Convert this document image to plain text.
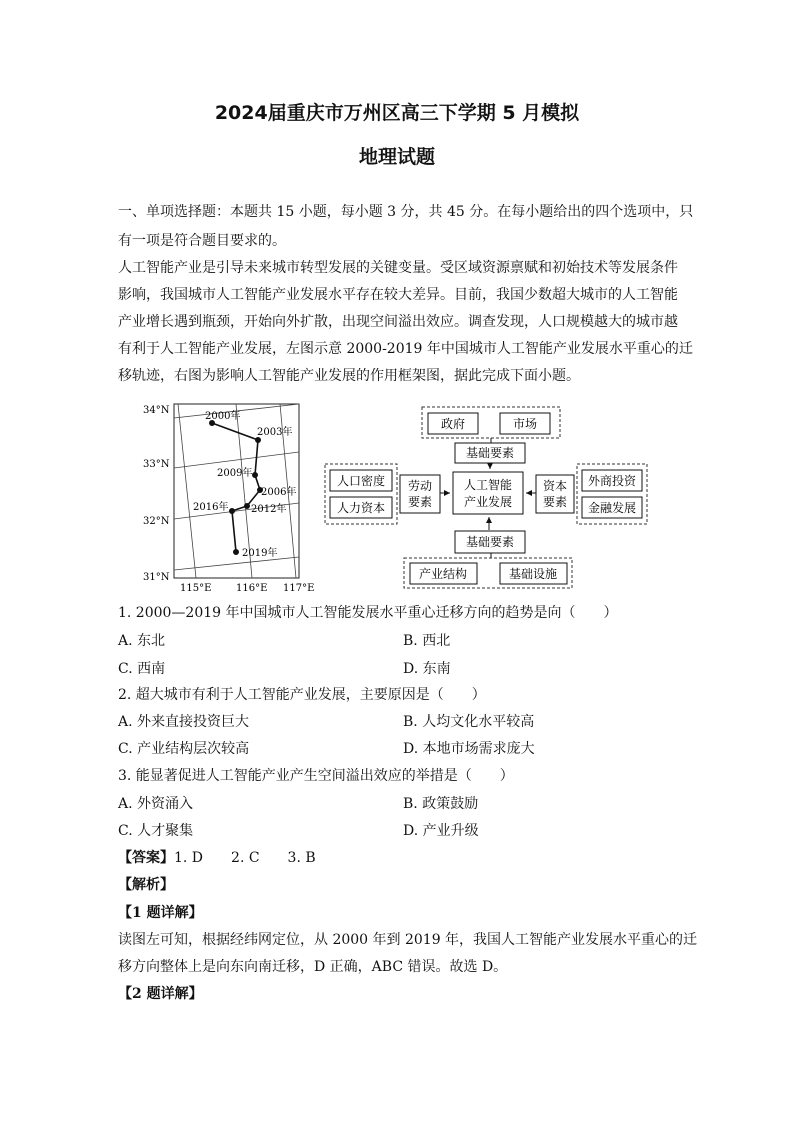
2024届重庆市万州区高三下学期 5 月模拟
地理试题
一、单项选择题：本题共 15 小题，每小题 3 分，共 45 分。在每小题给出的四个选项中，只
有一项是符合题目要求的。
人工智能产业是引导未来城市转型发展的关键变量。受区域资源禀赋和初始技术等发展条件
影响，我国城市人工智能产业发展水平存在较大差异。目前，我国少数超大城市的人工智能
产业增长遇到瓶颈，开始向外扩散，出现空间溢出效应。调查发现，人口规模越大的城市越
有利于人工智能产业发展，左图示意 2000-2019 年中国城市人工智能产业发展水平重心的迁
移轨迹，右图为影响人工智能产业发展的作用框架图，据此完成下面小题。
2000年
2003年
2009年
2006年
2012年
2016年
2019年
34°N
33°N
32°N
31°N
115°E 116°E 117°E
政府	市场
基础要素
人工智能
产业发展
人口密度
人力资本
劳动
要素
资本
要素
外商投资
金融发展
基础要素
产业结构	基础设施
1. 2000—2019 年中国城市人工智能发展水平重心迁移方向的趋势是向（　　）
A. 东北	B. 西北
C. 西南	D. 东南
2. 超大城市有利于人工智能产业发展，主要原因是（　　）
A. 外来直接投资巨大	B. 人均文化水平较高
C. 产业结构层次较高	D. 本地市场需求庞大
3. 能显著促进人工智能产业产生空间溢出效应的举措是（　　）
A. 外资涌入	B. 政策鼓励
C. 人才聚集	D. 产业升级
【答案】1. D　　2. C　　3. B
【解析】
【1 题详解】
读图左可知，根据经纬网定位，从 2000 年到 2019 年，我国人工智能产业发展水平重心的迁
移方向整体上是向东向南迁移，D 正确，ABC 错误。故选 D。
【2 题详解】
